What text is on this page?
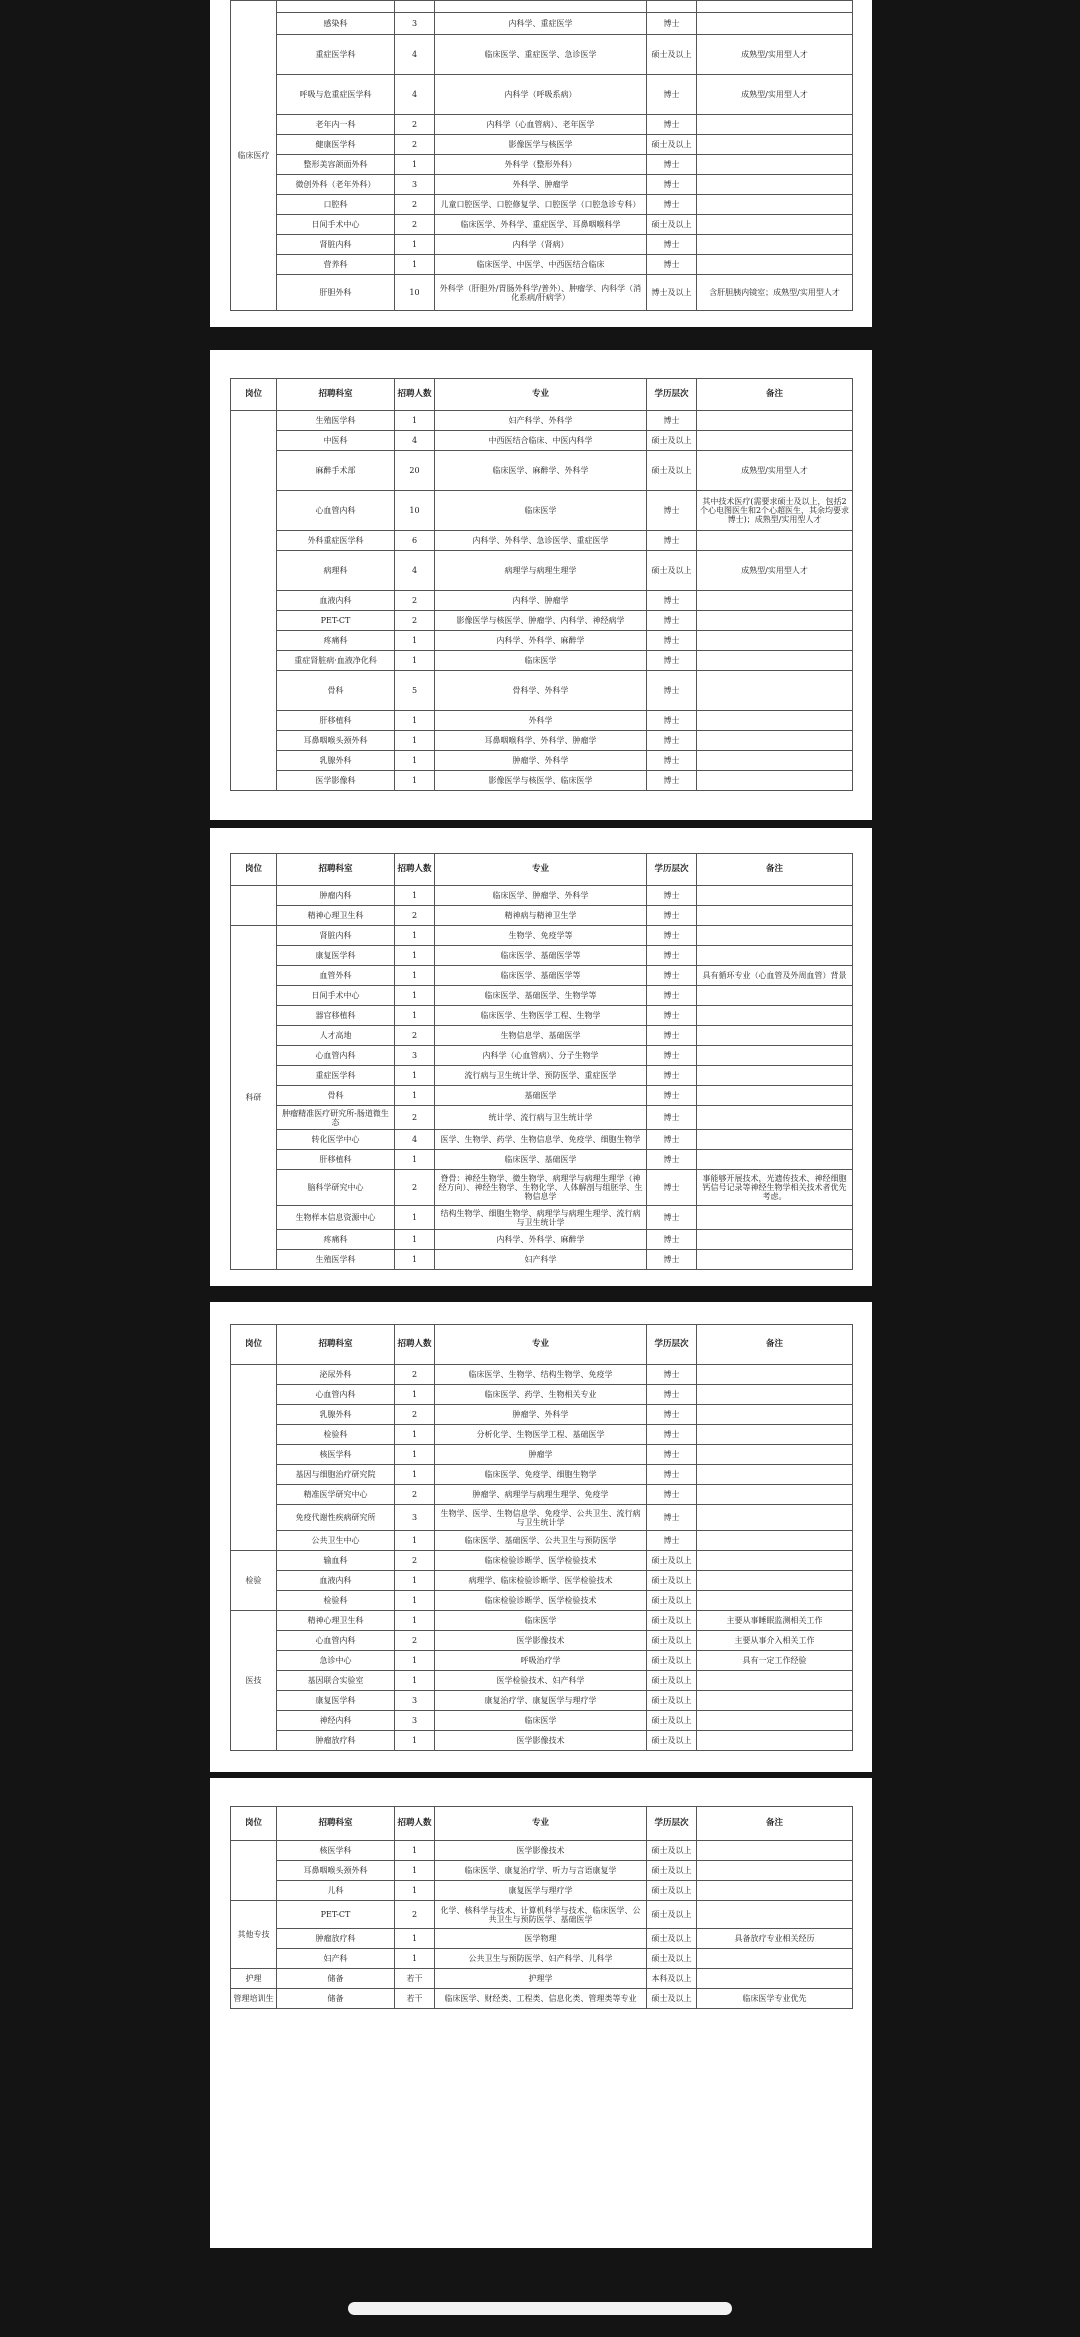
临床医疗					
	感染科	3	内科学、重症医学	博士	
	重症医学科	4	临床医学、重症医学、急诊医学	硕士及以上	成熟型/实用型人才
	呼吸与危重症医学科	4	内科学（呼吸系病）	博士	成熟型/实用型人才
	老年内一科	2	内科学（心血管病）、老年医学	博士	
	健康医学科	2	影像医学与核医学	硕士及以上	
	整形美容颌面外科	1	外科学（整形外科）	博士	
	微创外科（老年外科）	3	外科学、肿瘤学	博士	
	口腔科	2	儿童口腔医学、口腔修复学、口腔医学（口腔急诊专科）	博士	
	日间手术中心	2	临床医学、外科学、重症医学、耳鼻咽喉科学	硕士及以上	
	肾脏内科	1	内科学（肾病）	博士	
	营养科	1	临床医学、中医学、中西医结合临床	博士	
	肝胆外科	10	外科学（肝胆外/胃肠外科学/普外）、肿瘤学、内科学（消化系病/肝病学）	博士及以上	含肝胆胰内镜室；成熟型/实用型人才
岗位	招聘科室	招聘人数	专业	学历层次	备注
	生殖医学科	1	妇产科学、外科学	博士	
	中医科	4	中西医结合临床、中医内科学	硕士及以上	
	麻醉手术部	20	临床医学、麻醉学、外科学	硕士及以上	成熟型/实用型人才
	心血管内科	10	临床医学	博士	其中技术医疗(需要求硕士及以上，包括2个心电图医生和2个心超医生，其余均要求博士)；成熟型/实用型人才
	外科重症医学科	6	内科学、外科学、急诊医学、重症医学	博士	
	病理科	4	病理学与病理生理学	硕士及以上	成熟型/实用型人才
	血液内科	2	内科学、肿瘤学	博士	
	PET-CT	2	影像医学与核医学、肿瘤学、内科学、神经病学	博士	
	疼痛科	1	内科学、外科学、麻醉学	博士	
	重症肾脏病·血液净化科	1	临床医学	博士	
	骨科	5	骨科学、外科学	博士	
	肝移植科	1	外科学	博士	
	耳鼻咽喉头颈外科	1	耳鼻咽喉科学、外科学、肿瘤学	博士	
	乳腺外科	1	肿瘤学、外科学	博士	
	医学影像科	1	影像医学与核医学、临床医学	博士	
岗位	招聘科室	招聘人数	专业	学历层次	备注
	肿瘤内科	1	临床医学、肿瘤学、外科学	博士	
	精神心理卫生科	2	精神病与精神卫生学	博士	
科研	肾脏内科	1	生物学、免疫学等	博士	
	康复医学科	1	临床医学、基础医学等	博士	
	血管外科	1	临床医学、基础医学等	博士	具有循环专业（心血管及外周血管）背景
	日间手术中心	1	临床医学、基础医学、生物学等	博士	
	器官移植科	1	临床医学、生物医学工程、生物学	博士	
	人才高地	2	生物信息学、基础医学	博士	
	心血管内科	3	内科学（心血管病）、分子生物学	博士	
	重症医学科	1	流行病与卫生统计学、预防医学、重症医学	博士	
	骨科	1	基础医学	博士	
	肿瘤精准医疗研究所-肠道微生态	2	统计学、流行病与卫生统计学	博士	
	转化医学中心	4	医学、生物学、药学、生物信息学、免疫学、细胞生物学	博士	
	肝移植科	1	临床医学、基础医学	博士	
	脑科学研究中心	2	脊骨：神经生物学、微生物学、病理学与病理生理学（神经方向）、神经生物学、生物化学、人体解剖与组胚学、生物信息学	博士	事能够开展技术，光遗传技术、神经细胞钙信号记录等神经生物学相关技术者优先考虑。
	生物样本信息资源中心	1	结构生物学、细胞生物学、病理学与病理生理学、流行病与卫生统计学	博士	
	疼痛科	1	内科学、外科学、麻醉学	博士	
	生殖医学科	1	妇产科学	博士	
岗位	招聘科室	招聘人数	专业	学历层次	备注
	泌尿外科	2	临床医学、生物学、结构生物学、免疫学	博士	
	心血管内科	1	临床医学、药学、生物相关专业	博士	
	乳腺外科	2	肿瘤学、外科学	博士	
	检验科	1	分析化学、生物医学工程、基础医学	博士	
	核医学科	1	肿瘤学	博士	
	基因与细胞治疗研究院	1	临床医学、免疫学、细胞生物学	博士	
	精准医学研究中心	2	肿瘤学、病理学与病理生理学、免疫学	博士	
	免疫代谢性疾病研究所	3	生物学、医学、生物信息学、免疫学、公共卫生、流行病与卫生统计学	博士	
	公共卫生中心	1	临床医学、基础医学、公共卫生与预防医学	博士	
检验	输血科	2	临床检验诊断学、医学检验技术	硕士及以上	
	血液内科	1	病理学、临床检验诊断学、医学检验技术	硕士及以上	
	检验科	1	临床检验诊断学、医学检验技术	硕士及以上	
医技	精神心理卫生科	1	临床医学	硕士及以上	主要从事睡眠监测相关工作
	心血管内科	2	医学影像技术	硕士及以上	主要从事介入相关工作
	急诊中心	1	呼吸治疗学	硕士及以上	具有一定工作经验
	基因联合实验室	1	医学检验技术、妇产科学	硕士及以上	
	康复医学科	3	康复治疗学、康复医学与理疗学	硕士及以上	
	神经内科	3	临床医学	硕士及以上	
	肿瘤放疗科	1	医学影像技术	硕士及以上	
岗位	招聘科室	招聘人数	专业	学历层次	备注
	核医学科	1	医学影像技术	硕士及以上	
	耳鼻咽喉头颈外科	1	临床医学、康复治疗学、听力与言语康复学	硕士及以上	
	儿科	1	康复医学与理疗学	硕士及以上	
其他专技	PET-CT	2	化学、核科学与技术、计算机科学与技术、临床医学、公共卫生与预防医学、基础医学	硕士及以上	
	肿瘤放疗科	1	医学物理	硕士及以上	具备放疗专业相关经历
	妇产科	1	公共卫生与预防医学、妇产科学、儿科学	硕士及以上	
护理	储备	若干	护理学	本科及以上	
管理培训生	储备	若干	临床医学、财经类、工程类、信息化类、管理类等专业	硕士及以上	临床医学专业优先
